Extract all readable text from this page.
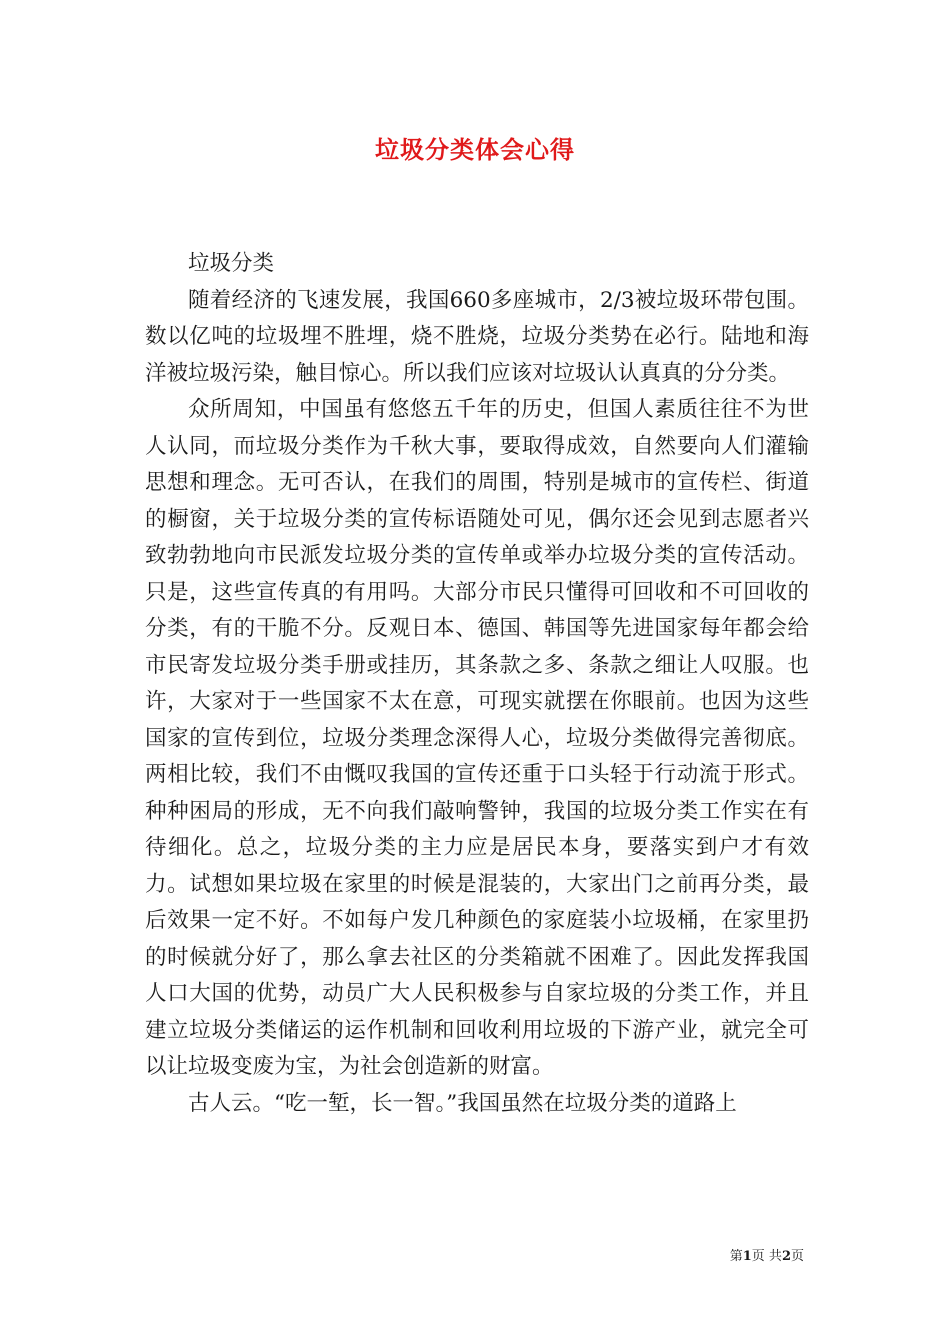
垃圾分类体会心得

垃圾分类

随着经济的飞速发展，我国660多座城市，2/3被垃圾环带包围。数以亿吨的垃圾埋不胜埋，烧不胜烧，垃圾分类势在必行。陆地和海洋被垃圾污染，触目惊心。所以我们应该对垃圾认认真真的分分类。

众所周知，中国虽有悠悠五千年的历史，但国人素质往往不为世人认同，而垃圾分类作为千秋大事，要取得成效，自然要向人们灌输思想和理念。无可否认，在我们的周围，特别是城市的宣传栏、街道的橱窗，关于垃圾分类的宣传标语随处可见，偶尔还会见到志愿者兴致勃勃地向市民派发垃圾分类的宣传单或举办垃圾分类的宣传活动。只是，这些宣传真的有用吗。大部分市民只懂得可回收和不可回收的分类，有的干脆不分。反观日本、德国、韩国等先进国家每年都会给市民寄发垃圾分类手册或挂历，其条款之多、条款之细让人叹服。也许，大家对于一些国家不太在意，可现实就摆在你眼前。也因为这些国家的宣传到位，垃圾分类理念深得人心，垃圾分类做得完善彻底。两相比较，我们不由慨叹我国的宣传还重于口头轻于行动流于形式。种种困局的形成，无不向我们敲响警钟，我国的垃圾分类工作实在有待细化。总之，垃圾分类的主力应是居民本身，要落实到户才有效力。试想如果垃圾在家里的时候是混装的，大家出门之前再分类，最后效果一定不好。不如每户发几种颜色的家庭装小垃圾桶，在家里扔的时候就分好了，那么拿去社区的分类箱就不困难了。因此发挥我国人口大国的优势，动员广大人民积极参与自家垃圾的分类工作，并且建立垃圾分类储运的运作机制和回收利用垃圾的下游产业，就完全可以让垃圾变废为宝，为社会创造新的财富。

古人云。“吃一堑，长一智。”我国虽然在垃圾分类的道路上

第1页 共2页
